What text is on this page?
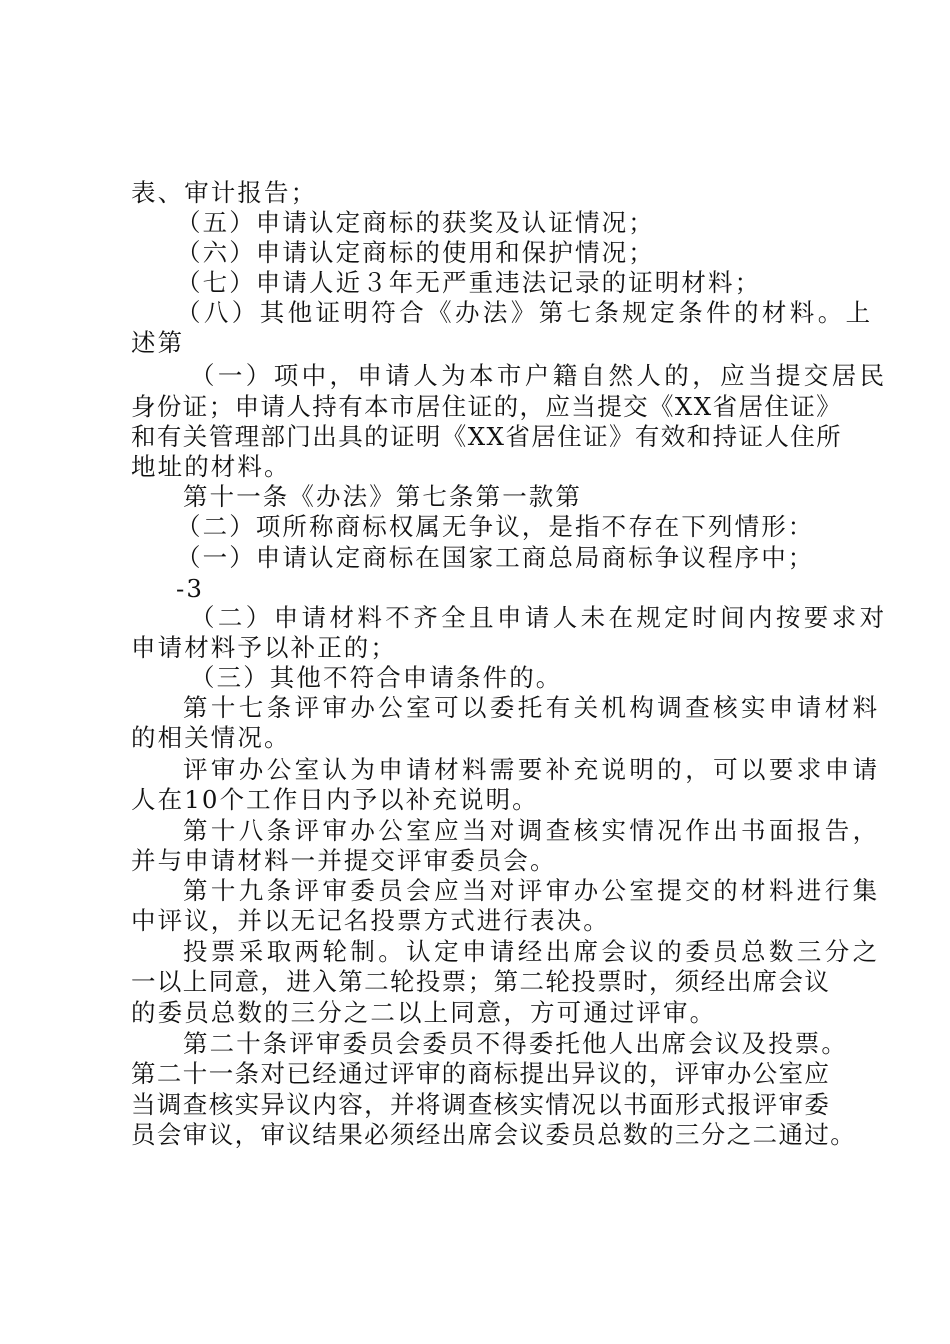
表、审计报告；
（五）申请认定商标的获奖及认证情况；
（六）申请认定商标的使用和保护情况；
（七）申请人近３年无严重违法记录的证明材料；
（八）其他证明符合《办法》第七条规定条件的材料。上
述第
（一）项中，申请人为本市户籍自然人的，应当提交居民
身份证；申请人持有本市居住证的，应当提交《XX省居住证》
和有关管理部门出具的证明《XX省居住证》有效和持证人住所
地址的材料。
第十一条《办法》第七条第一款第
（二）项所称商标权属无争议，是指不存在下列情形：
（一）申请认定商标在国家工商总局商标争议程序中；
-3
（二）申请材料不齐全且申请人未在规定时间内按要求对
申请材料予以补正的；
（三）其他不符合申请条件的。
第十七条评审办公室可以委托有关机构调查核实申请材料
的相关情况。
评审办公室认为申请材料需要补充说明的，可以要求申请
人在10个工作日内予以补充说明。
第十八条评审办公室应当对调查核实情况作出书面报告，
并与申请材料一并提交评审委员会。
第十九条评审委员会应当对评审办公室提交的材料进行集
中评议，并以无记名投票方式进行表决。
投票采取两轮制。认定申请经出席会议的委员总数三分之
一以上同意，进入第二轮投票；第二轮投票时，须经出席会议
的委员总数的三分之二以上同意，方可通过评审。
第二十条评审委员会委员不得委托他人出席会议及投票。
第二十一条对已经通过评审的商标提出异议的，评审办公室应
当调查核实异议内容，并将调查核实情况以书面形式报评审委
员会审议，审议结果必须经出席会议委员总数的三分之二通过。
